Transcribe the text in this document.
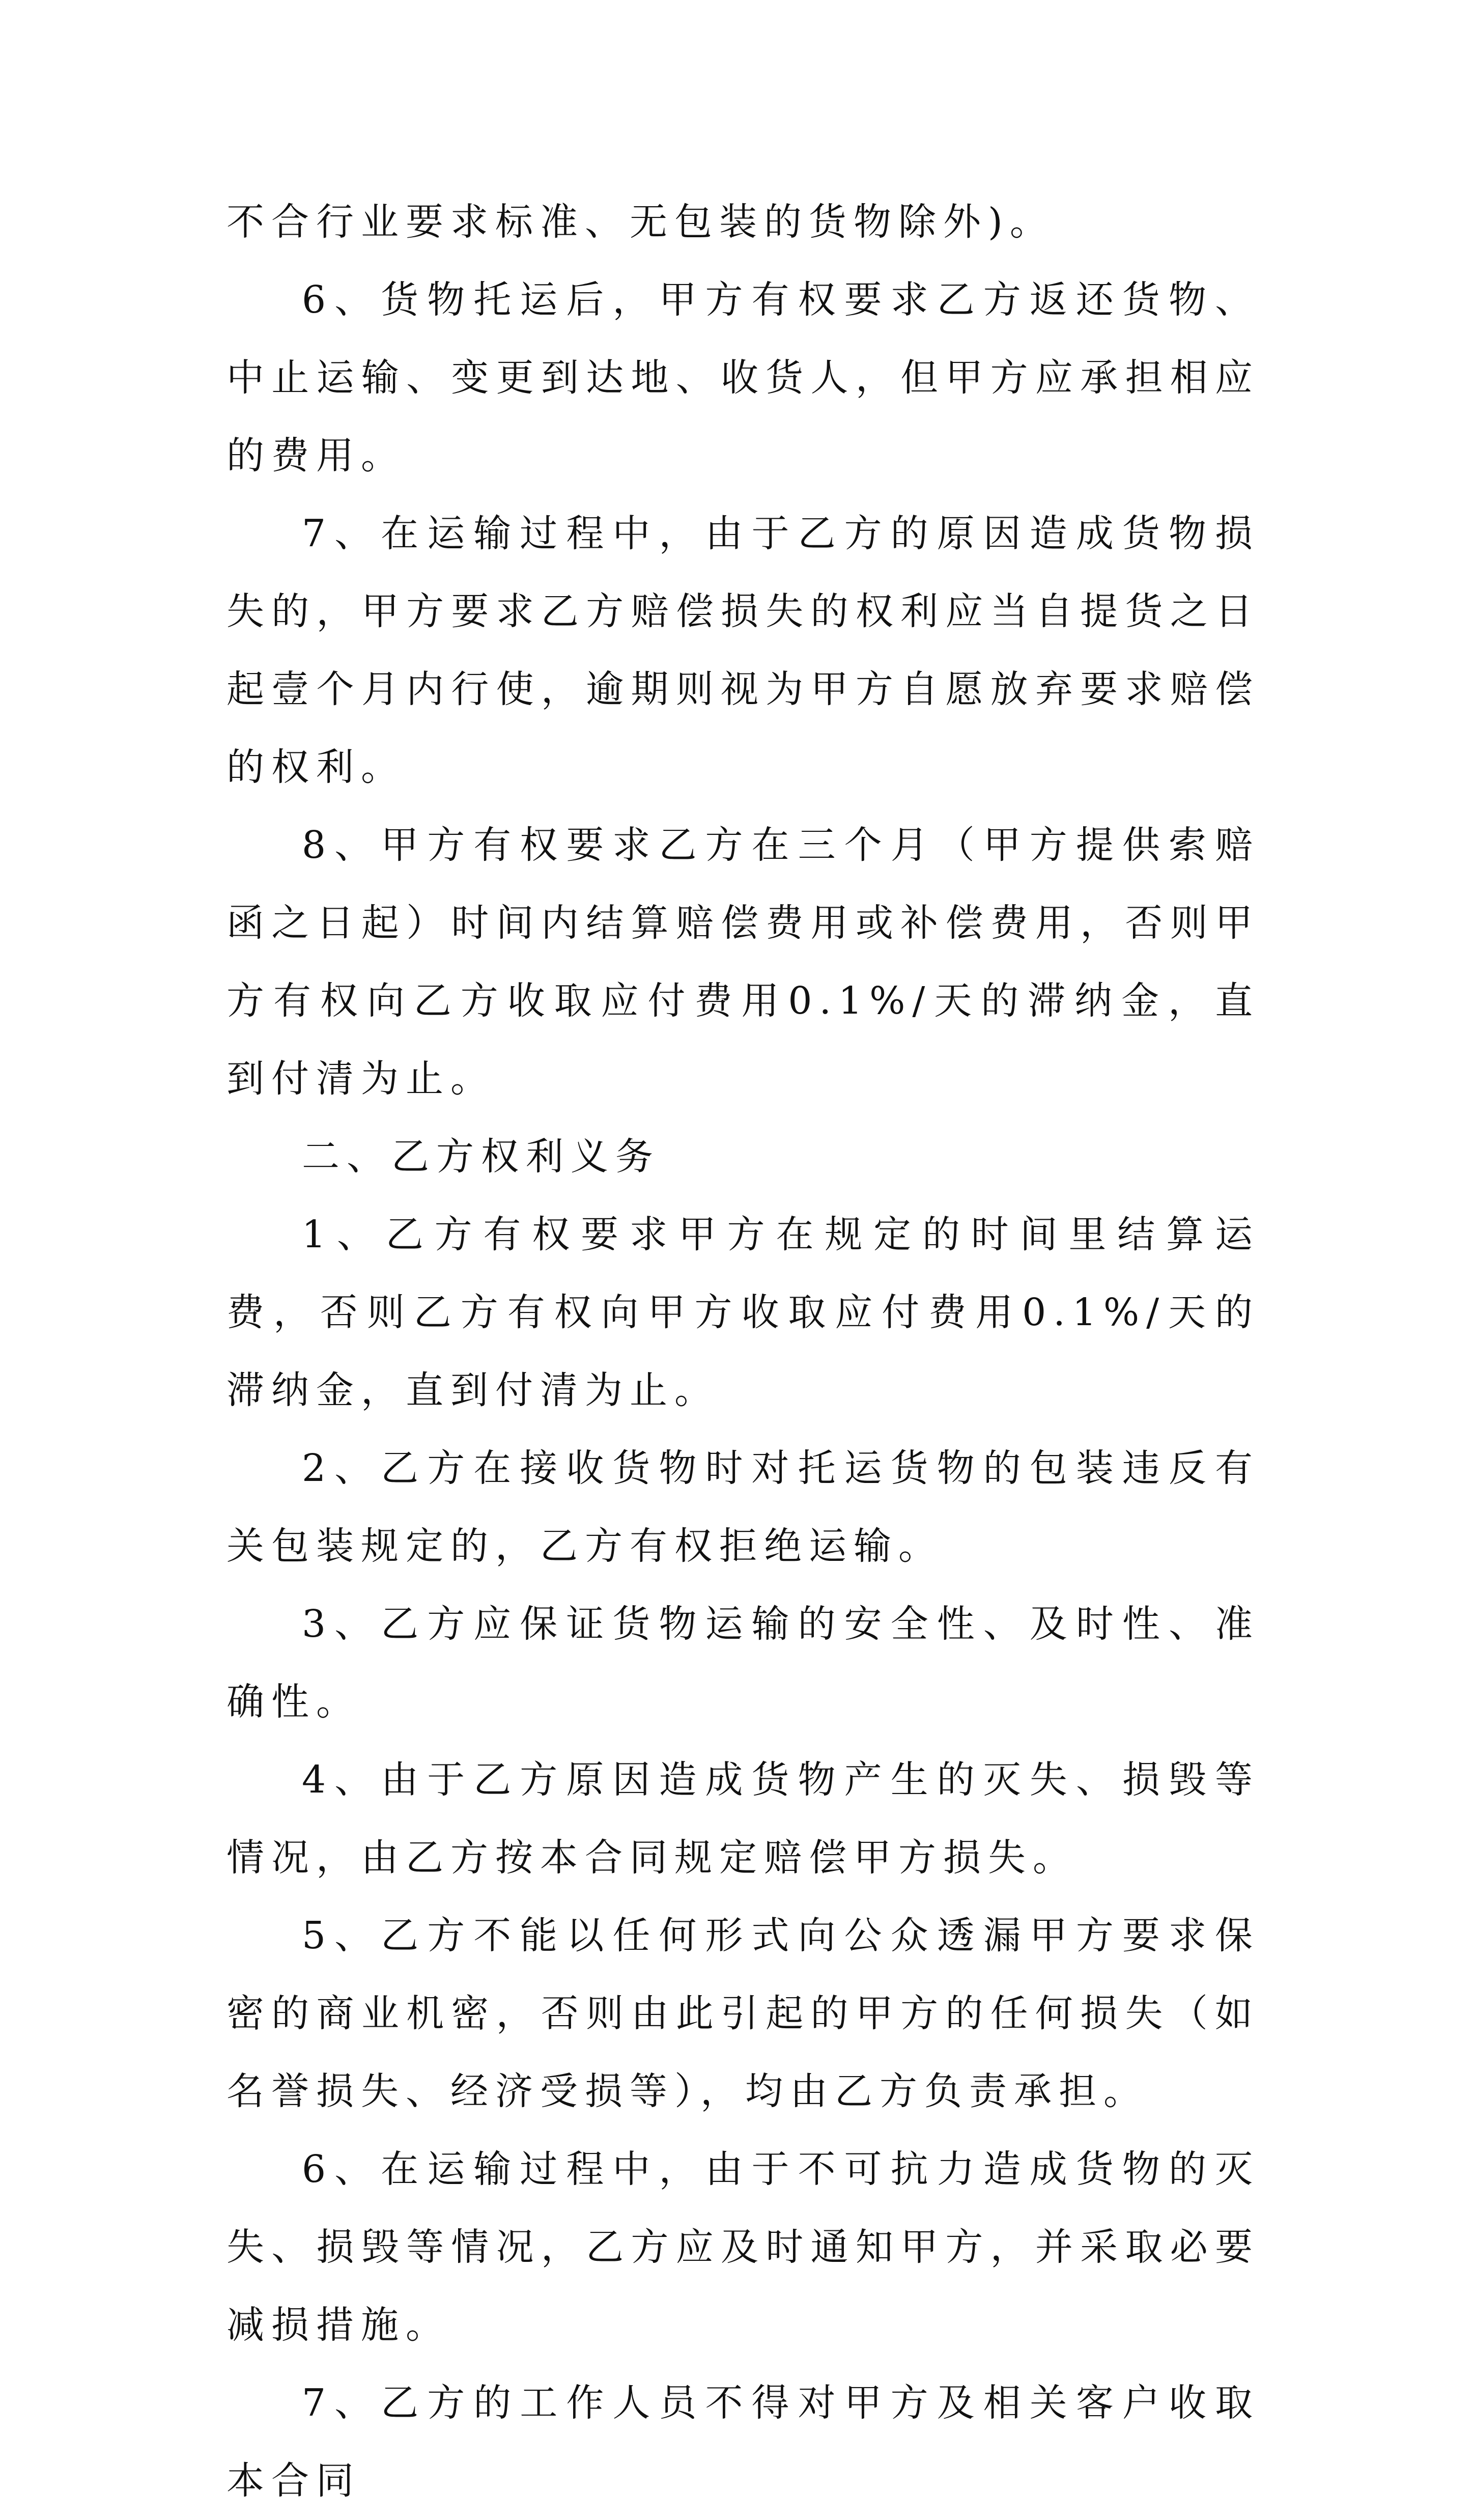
不合行业要求标准、无包装的货物除外)。

6、货物托运后，甲方有权要求乙方返还货物、中止运输、变更到达地、收货人，但甲方应承担相应的费用。

7、在运输过程中，由于乙方的原因造成货物损失的，甲方要求乙方赔偿损失的权利应当自提货之日起壹个月内行使，逾期则视为甲方自愿放弃要求赔偿的权利。

8、甲方有权要求乙方在三个月（甲方提供索赔函之日起）时间内结算赔偿费用或补偿费用，否则甲方有权向乙方收取应付费用0.1%/天的滞纳金，直到付清为止。

二、乙方权利义务

1、乙方有权要求甲方在规定的时间里结算运费，否则乙方有权向甲方收取应付费用0.1%/天的滞纳金，直到付清为止。

2、乙方在接收货物时对托运货物的包装违反有关包装规定的，乙方有权拒绝运输。

3、乙方应保证货物运输的安全性、及时性、准确性。

4、由于乙方原因造成货物产生的灭失、损毁等情况，由乙方按本合同规定赔偿甲方损失。

5、乙方不能以任何形式向公众透漏甲方要求保密的商业机密，否则由此引起的甲方的任何损失（如名誉损失、经济受损等），均由乙方负责承担。

6、在运输过程中，由于不可抗力造成货物的灭失、损毁等情况，乙方应及时通知甲方，并采取必要减损措施。

7、乙方的工作人员不得对甲方及相关客户收取本合同
